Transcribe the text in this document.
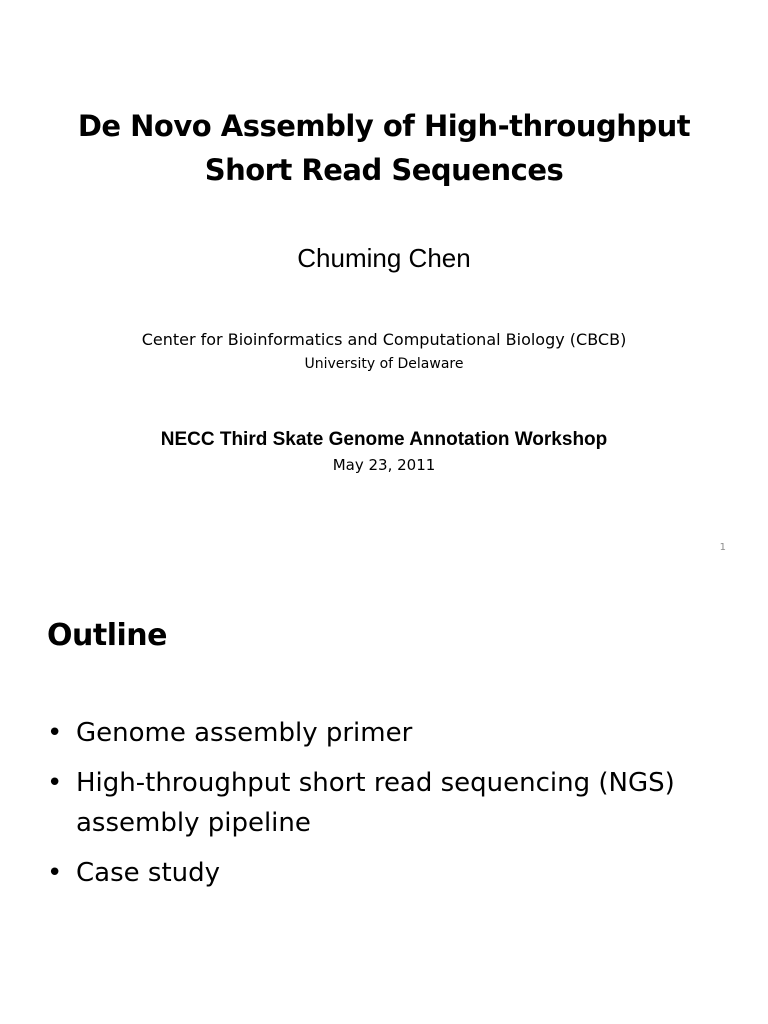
De Novo Assembly of High-throughput
Short Read Sequences
Chuming Chen
Center for Bioinformatics and Computational Biology (CBCB)
University of Delaware
NECC Third Skate Genome Annotation Workshop
May 23, 2011
1
Outline
• Genome assembly primer
• High-throughput short read sequencing (NGS) assembly pipeline
• Case study
